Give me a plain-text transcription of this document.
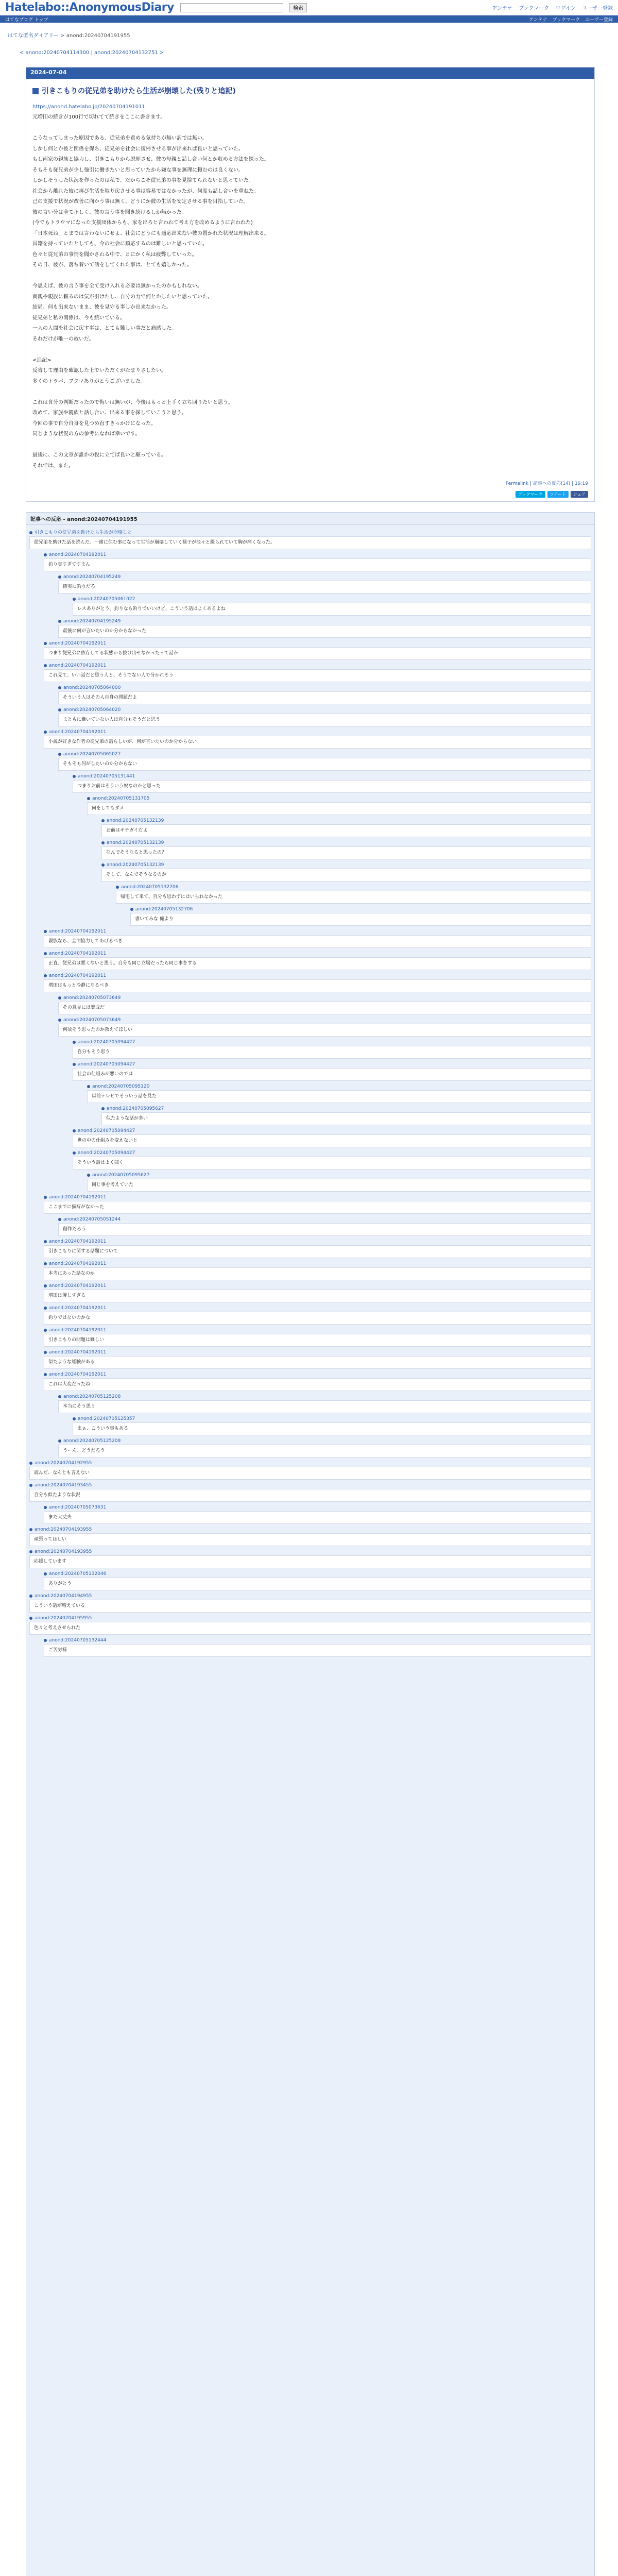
Hatelabo::AnonymousDiary	検索	アンテナ ブックマーク ログイン ユーザー登録
はてなブログ トップ	アンテナ ブックマーク ユーザー登録
はてな匿名ダイアリー > anond:20240704191955
< anond:20240704114300 | anond:20240704132751 >
2024-07-04
引きこもりの従兄弟を助けたら生活が崩壊した(残りと追記)

https://anond.hatelabo.jp/20240704191011

元増田の続きが100行で切れてて続きをここに書きます。

こうなってしまった原因である、従兄弟を責める気持ちが無い訳では無い。

しかし何とか彼と関係を保ち、従兄弟を社会に復帰させる事が出来れば良いと思っていた。

もし両家の親族と協力し、引きこもりから脱却させ、彼の母親と話し合い何とか収める方法を探った。

そもそも従兄弟が少し強引に働きたいと思っていたから嫌な事を無理に頼むのは良くない。

しかしそうした状況を作ったのは私で、だからこそ従兄弟の事を見捨てられないと思っていた。

社会から離れた彼に再び生活を取り戻させる事は容易ではなかったが、何度も話し合いを重ねた。

己の支援で状況が改善に向かう事は無く、どうにか彼の生活を安定させる事を目指していた。

彼の言い分は全て正しく、彼の言う事を聞き続けるしか無かった。

(今でもトラウマになった支援団体からも、家を出ろと言われて考え方を改めるように言われた)

「日本死ね」とまでは言わないにせよ、社会にどうにも適応出来ない彼の置かれた状況は理解出来る。

国籍を持っていたとしても、今の社会に順応するのは難しいと思っていた。

色々と従兄弟の事情を聞かされる中で、とにかく私は疲弊していった。

その日、彼が、落ち着いて話をしてくれた事は、とても嬉しかった。

今思えば、彼の言う事を全て受け入れる必要は無かったのかもしれない。

両親や親族に頼るのは気が引けたし、自分の力で何とかしたいと思っていた。

結局、何も出来ないまま、彼を見守る事しか出来なかった。

従兄弟と私の関係は、今も続いている。

一人の人間を社会に戻す事は、とても難しい事だと痛感した。

それだけが唯一の救いだ。

<追記>

反省して理由を確認した上でいただくがたまりさしたい。

多くのトラバ、ブクマありがとうございました。

これは自分の判断だったので悔いは無いが、今後はもっと上手く立ち回りたいと思う。

改めて、家族や親族と話し合い、出来る事を探していこうと思う。

今回の事で自分自身を見つめ直すきっかけになった。

同じような状況の方の参考になれば幸いです。

最後に、この文章が誰かの役に立てば良いと願っている。

それでは、また。

Permalink | 記事への反応(14) | 19:19
ブックマーク	ツイート	シェア
記事への反応 - anond:20240704191955
引きこもりの従兄弟を助けたら生活が崩壊した
従兄弟を助けた話を読んだ。一緒に住む事になって生活が崩壊していく様子が淡々と綴られていて胸が痛くなった。
anond:20240704192011
釣り臭すぎてすまん
anond:20240704195249
確実に釣りだろ
anond:20240705061022
レスありがとう。釣りなら釣りでいいけど、こういう話はよくあるよね
anond:20240704195249
最後に何が言いたいのか分からなかった
anond:20240704192011
つまり従兄弟に依存してる状態から抜け出せなかったって話か
anond:20240704192011
これ見て、いい話だと思う人と、そうでない人で分かれそう
anond:20240705064000
そういう人はその人自身の問題だよ
anond:20240705064020
まともに働いていない人は自分もそうだと思う
anond:20240704192011
小説が好きな作者の従兄弟の話らしいが、何が言いたいのか分からない
anond:20240705065027
そもそも何がしたいのか分からない
anond:20240705131441
つまりお前はそういう奴なのかと思った
anond:20240705131705
何をしてもダメ
anond:20240705132139
お前はキチガイだよ
anond:20240705132139
なんでそうなると思ったの？
anond:20240705132139
そして、なんでそうなるのか
anond:20240705132706
帰宅して来て、自分も思わずにはいられなかった
anond:20240705132706
書いてみな 俺より
anond:20240704192011
親族なら、全面協力してあげるべき
anond:20240704192011
正直、従兄弟は悪くないと思う。自分も同じ立場だったら同じ事をする
anond:20240704192011
増田はもっと冷静になるべき
anond:20240705073649
その意見には賛成だ
anond:20240705073649
何故そう思ったのか教えてほしい
anond:20240705094427
自分もそう思う
anond:20240705094427
社会の仕組みが悪いのでは
anond:20240705095120
以前テレビでそういう話を見た
anond:20240705095627
似たような話が多い
anond:20240705094427
世の中の仕組みを変えないと
anond:20240705094427
そういう話はよく聞く
anond:20240705095627
同じ事を考えていた
anond:20240704192011
ここまでに描写がなかった
anond:20240705051244
創作だろう
anond:20240704192011
引きこもりに関する話題について
anond:20240704192011
本当にあった話なのか
anond:20240704192011
増田は優しすぎる
anond:20240704192011
釣りではないのかな
anond:20240704192011
引きこもりの問題は難しい
anond:20240704192011
似たような経験がある
anond:20240704192011
これは大変だったね
anond:20240705125208
本当にそう思う
anond:20240705125357
まぁ、こういう事もある
anond:20240705125208
うーん、どうだろう
anond:20240704192955
読んだ、なんとも言えない
anond:20240704193455
自分も似たような状況
anond:20240705073631
まだ大丈夫
anond:20240704193955
頑張ってほしい
anond:20240704193955
応援しています
anond:20240705132046
ありがとう
anond:20240704194955
こういう話が増えている
anond:20240704195955
色々と考えさせられた
anond:20240705132444
ご苦労様
